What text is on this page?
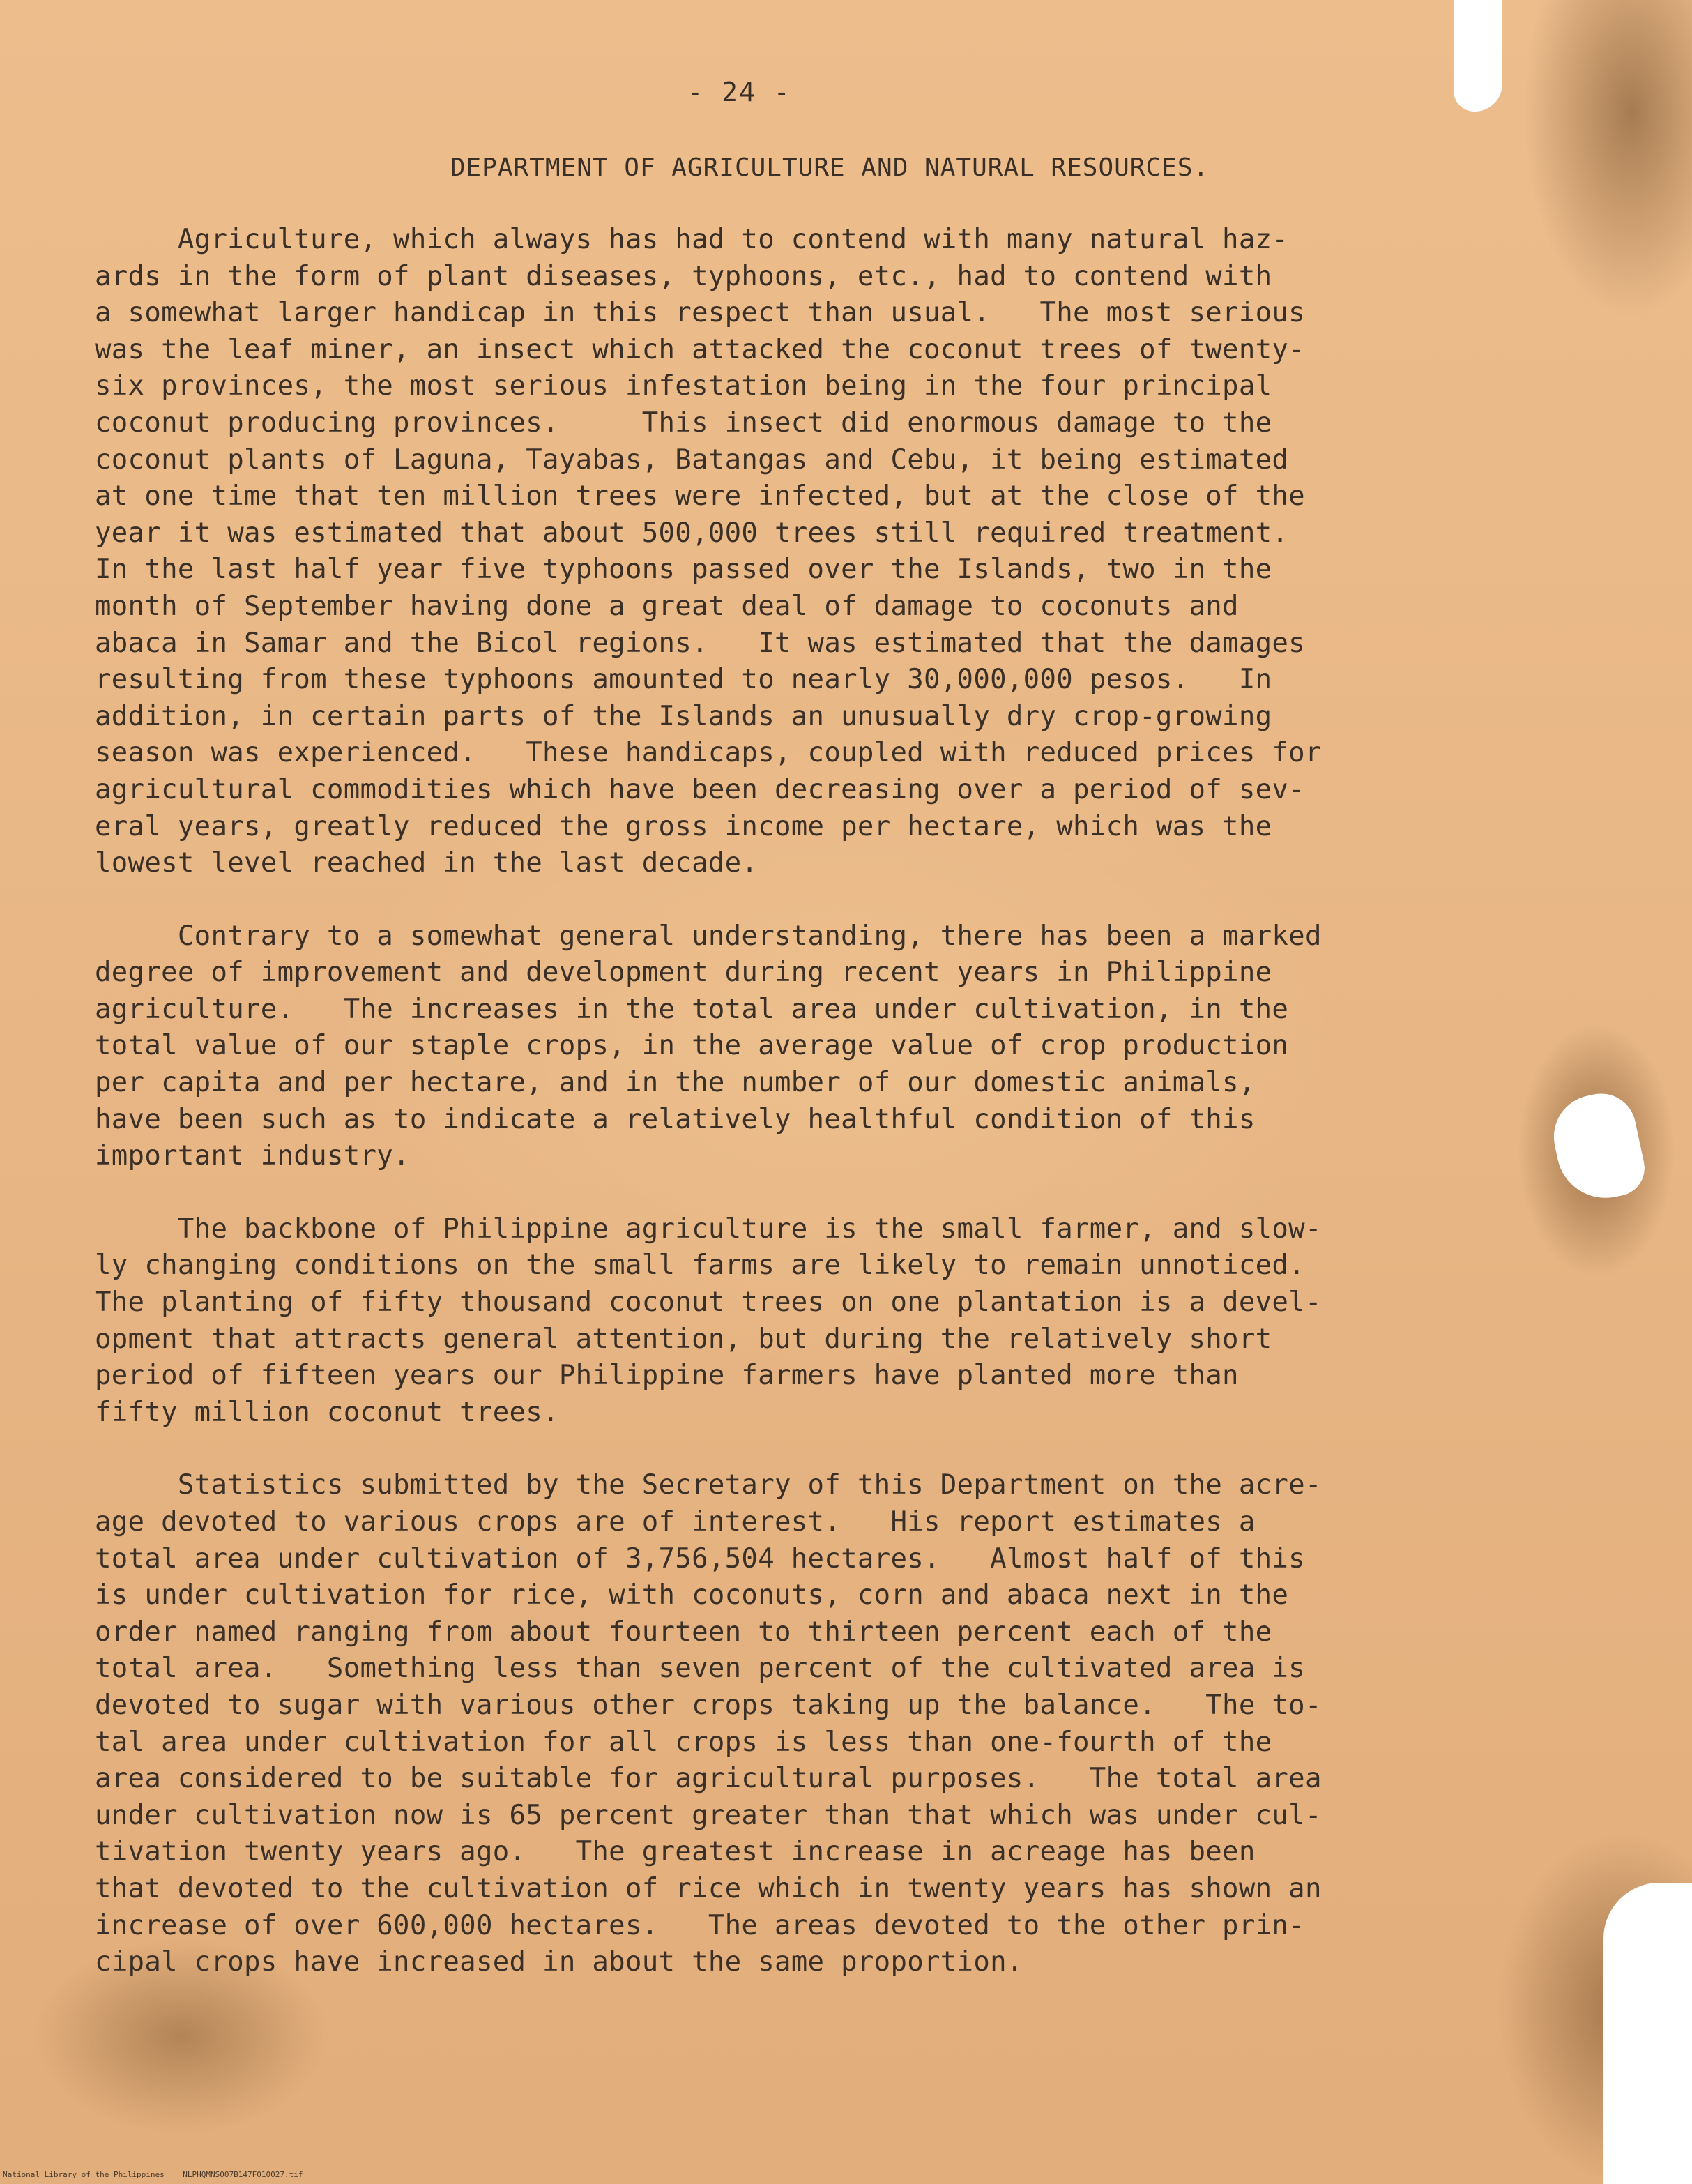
- 24 -
DEPARTMENT OF AGRICULTURE AND NATURAL RESOURCES.
Agriculture, which always has had to contend with many natural haz-
ards in the form of plant diseases, typhoons, etc., had to contend with
a somewhat larger handicap in this respect than usual.   The most serious
was the leaf miner, an insect which attacked the coconut trees of twenty-
six provinces, the most serious infestation being in the four principal
coconut producing provinces.     This insect did enormous damage to the
coconut plants of Laguna, Tayabas, Batangas and Cebu, it being estimated
at one time that ten million trees were infected, but at the close of the
year it was estimated that about 500,000 trees still required treatment.
In the last half year five typhoons passed over the Islands, two in the
month of September having done a great deal of damage to coconuts and
abaca in Samar and the Bicol regions.   It was estimated that the damages
resulting from these typhoons amounted to nearly 30,000,000 pesos.   In
addition, in certain parts of the Islands an unusually dry crop-growing
season was experienced.   These handicaps, coupled with reduced prices for
agricultural commodities which have been decreasing over a period of sev-
eral years, greatly reduced the gross income per hectare, which was the
lowest level reached in the last decade.
Contrary to a somewhat general understanding, there has been a marked
degree of improvement and development during recent years in Philippine
agriculture.   The increases in the total area under cultivation, in the
total value of our staple crops, in the average value of crop production
per capita and per hectare, and in the number of our domestic animals,
have been such as to indicate a relatively healthful condition of this
important industry.
The backbone of Philippine agriculture is the small farmer, and slow-
ly changing conditions on the small farms are likely to remain unnoticed.
The planting of fifty thousand coconut trees on one plantation is a devel-
opment that attracts general attention, but during the relatively short
period of fifteen years our Philippine farmers have planted more than
fifty million coconut trees.
Statistics submitted by the Secretary of this Department on the acre-
age devoted to various crops are of interest.   His report estimates a
total area under cultivation of 3,756,504 hectares.   Almost half of this
is under cultivation for rice, with coconuts, corn and abaca next in the
order named ranging from about fourteen to thirteen percent each of the
total area.   Something less than seven percent of the cultivated area is
devoted to sugar with various other crops taking up the balance.   The to-
tal area under cultivation for all crops is less than one-fourth of the
area considered to be suitable for agricultural purposes.   The total area
under cultivation now is 65 percent greater than that which was under cul-
tivation twenty years ago.   The greatest increase in acreage has been
that devoted to the cultivation of rice which in twenty years has shown an
increase of over 600,000 hectares.   The areas devoted to the other prin-
cipal crops have increased in about the same proportion.
National Library of the Philippines    NLPHQMNS007B147F010027.tif
